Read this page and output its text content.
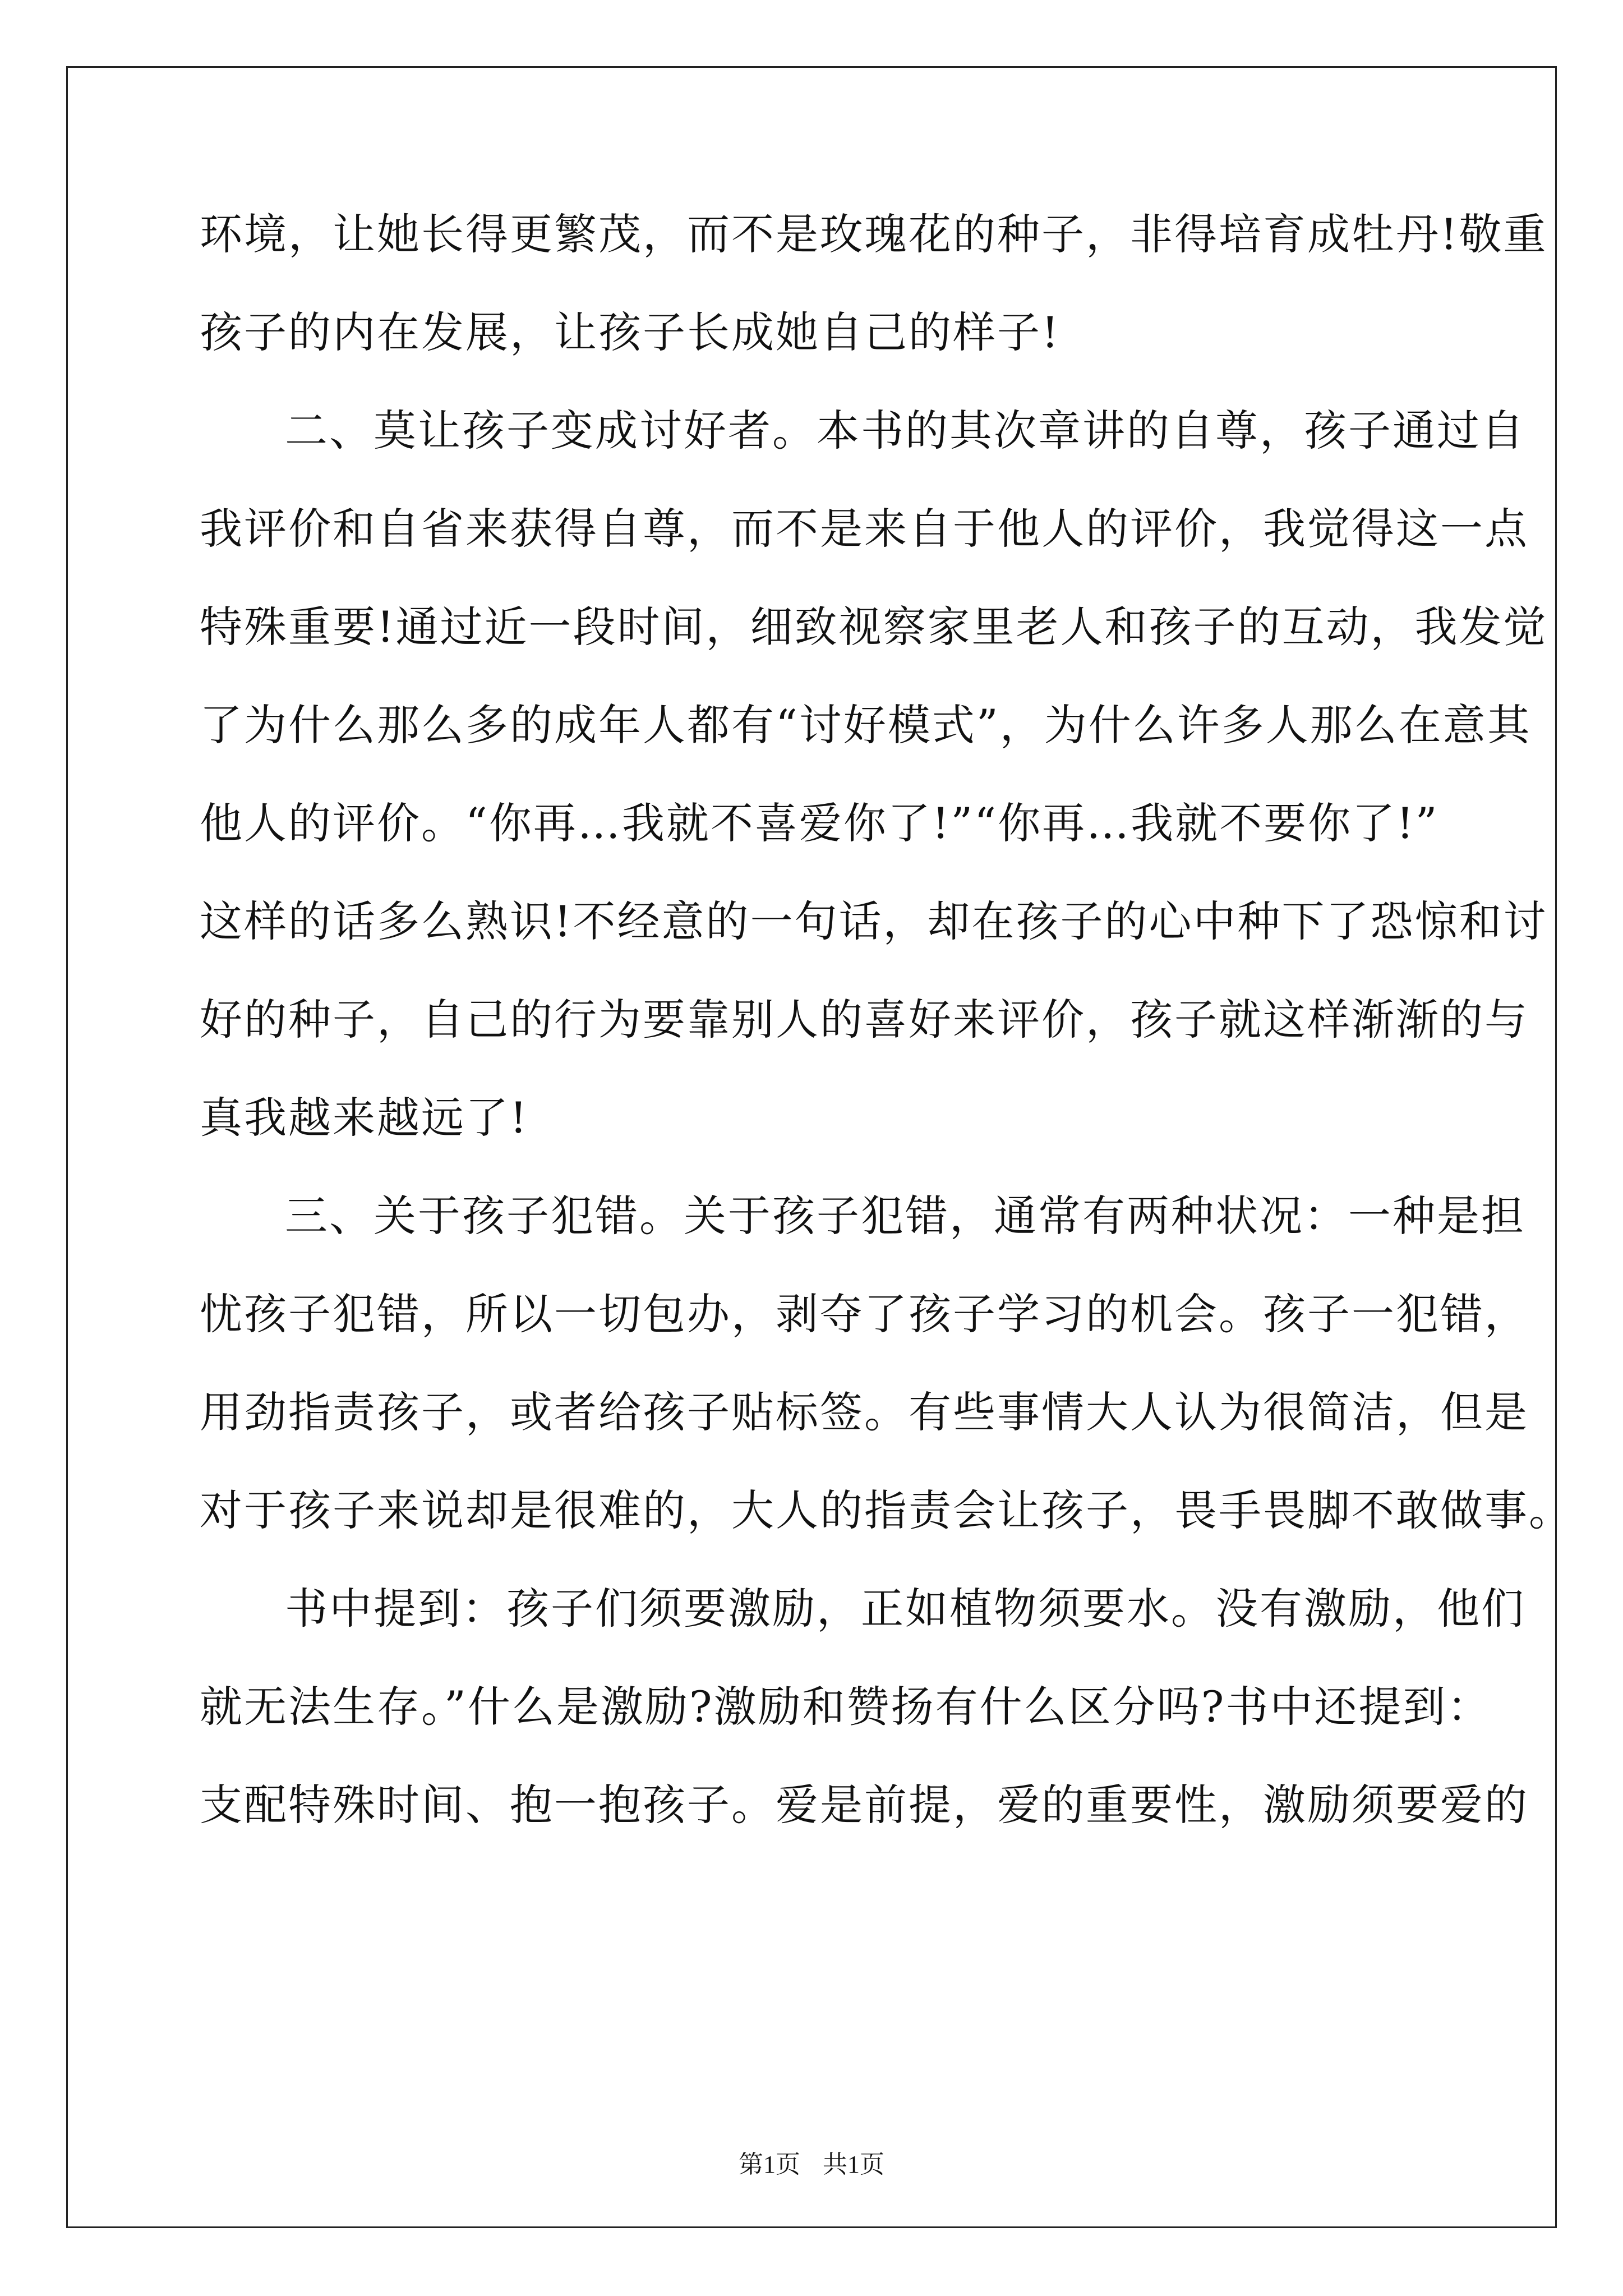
环境，让她长得更繁茂，而不是玫瑰花的种子，非得培育成牡丹!敬重
孩子的内在发展，让孩子长成她自己的样子!
二、莫让孩子变成讨好者。本书的其次章讲的自尊，孩子通过自
我评价和自省来获得自尊，而不是来自于他人的评价，我觉得这一点
特殊重要!通过近一段时间，细致视察家里老人和孩子的互动，我发觉
了为什么那么多的成年人都有“讨好模式”，为什么许多人那么在意其
他人的评价。“你再…我就不喜爱你了!”“你再…我就不要你了!”
这样的话多么熟识!不经意的一句话，却在孩子的心中种下了恐惊和讨
好的种子，自己的行为要靠别人的喜好来评价，孩子就这样渐渐的与
真我越来越远了!
三、关于孩子犯错。关于孩子犯错，通常有两种状况：一种是担
忧孩子犯错，所以一切包办，剥夺了孩子学习的机会。孩子一犯错，
用劲指责孩子，或者给孩子贴标签。有些事情大人认为很简洁，但是
对于孩子来说却是很难的，大人的指责会让孩子，畏手畏脚不敢做事。
书中提到：孩子们须要激励，正如植物须要水。没有激励，他们
就无法生存。”什么是激励?激励和赞扬有什么区分吗?书中还提到：
支配特殊时间、抱一抱孩子。爱是前提，爱的重要性，激励须要爱的
第1页 共1页
